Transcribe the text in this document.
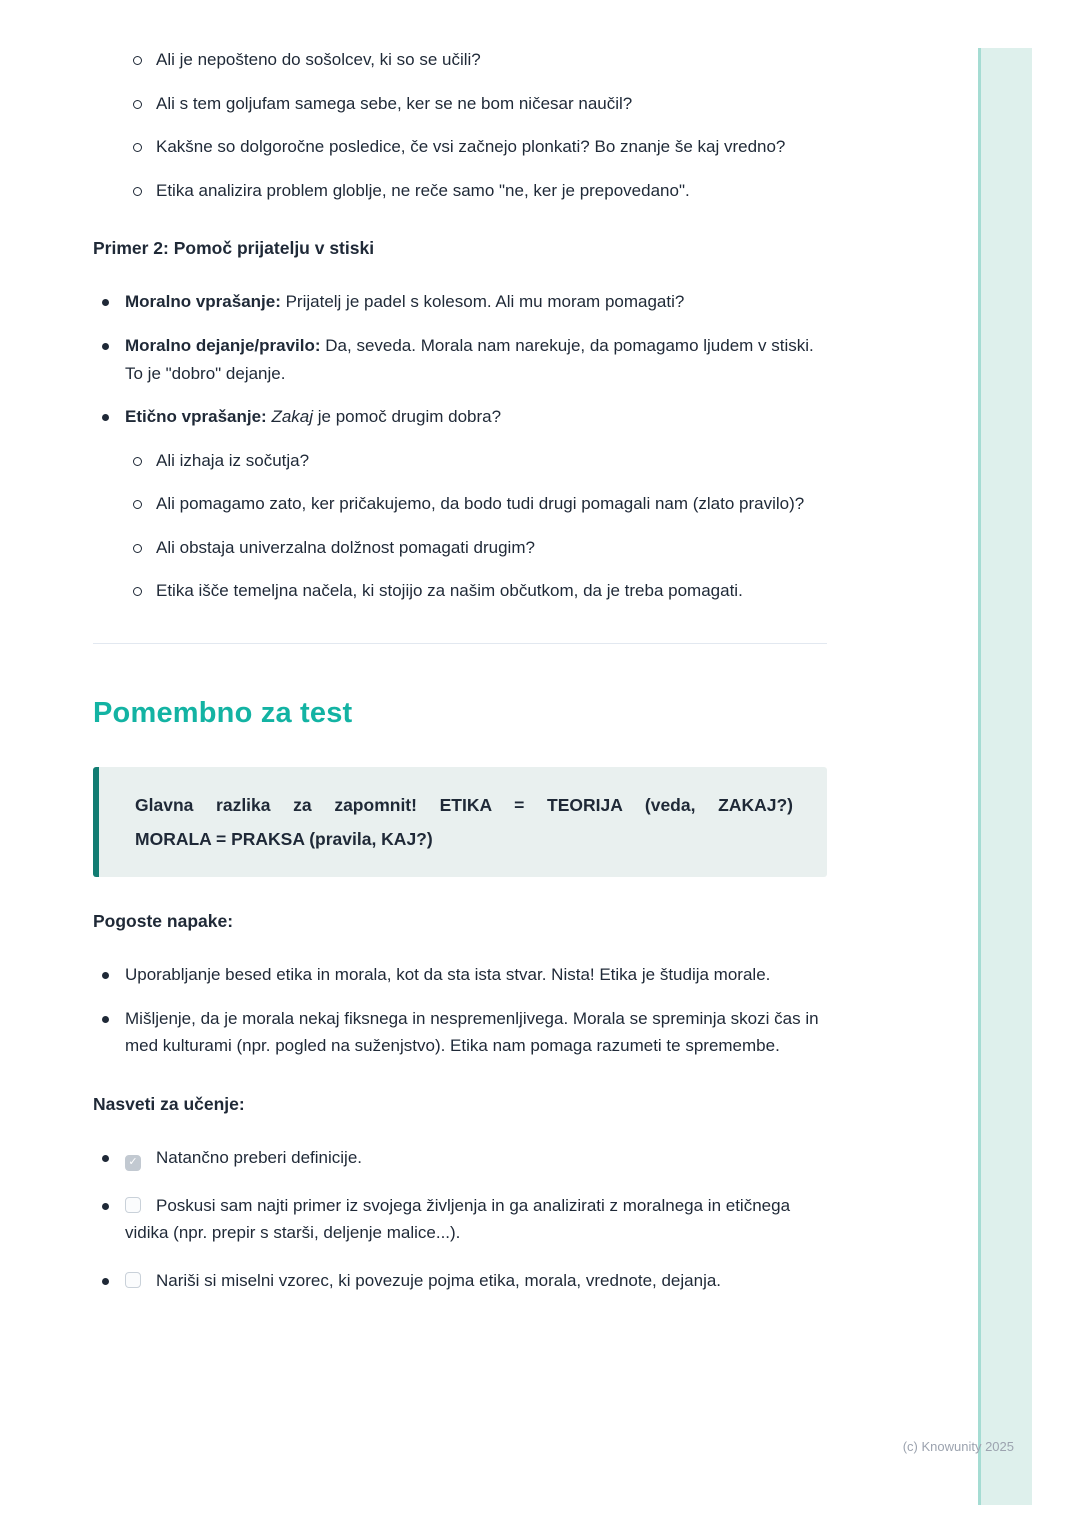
Ali je nepošteno do sošolcev, ki so se učili?
Ali s tem goljufam samega sebe, ker se ne bom ničesar naučil?
Kakšne so dolgoročne posledice, če vsi začnejo plonkati? Bo znanje še kaj vredno?
Etika analizira problem globlje, ne reče samo "ne, ker je prepovedano".
Primer 2: Pomoč prijatelju v stiski
Moralno vprašanje: Prijatelj je padel s kolesom. Ali mu moram pomagati?
Moralno dejanje/pravilo: Da, seveda. Morala nam narekuje, da pomagamo ljudem v stiski. To je "dobro" dejanje.
Etično vprašanje: Zakaj je pomoč drugim dobra?
Ali izhaja iz sočutja?
Ali pomagamo zato, ker pričakujemo, da bodo tudi drugi pomagali nam (zlato pravilo)?
Ali obstaja univerzalna dolžnost pomagati drugim?
Etika išče temeljna načela, ki stojijo za našim občutkom, da je treba pomagati.
Pomembno za test

Glavna razlika za zapomnit! ETIKA = TEORIJA (veda, ZAKAJ?)
MORALA = PRAKSA (pravila, KAJ?)

Pogoste napake:

Uporabljanje besed etika in morala, kot da sta ista stvar. Nista! Etika je študija morale.
Mišljenje, da je morala nekaj fiksnega in nespremenljivega. Morala se spreminja skozi čas in med kulturami (npr. pogled na suženjstvo). Etika nam pomaga razumeti te spremembe.

Nasveti za učenje:

✓ Natančno preberi definicije.
Poskusi sam najti primer iz svojega življenja in ga analizirati z moralnega in etičnega vidika (npr. prepir s starši, deljenje malice...).
Nariši si miselni vzorec, ki povezuje pojma etika, morala, vrednote, dejanja.
(c) Knowunity 2025
